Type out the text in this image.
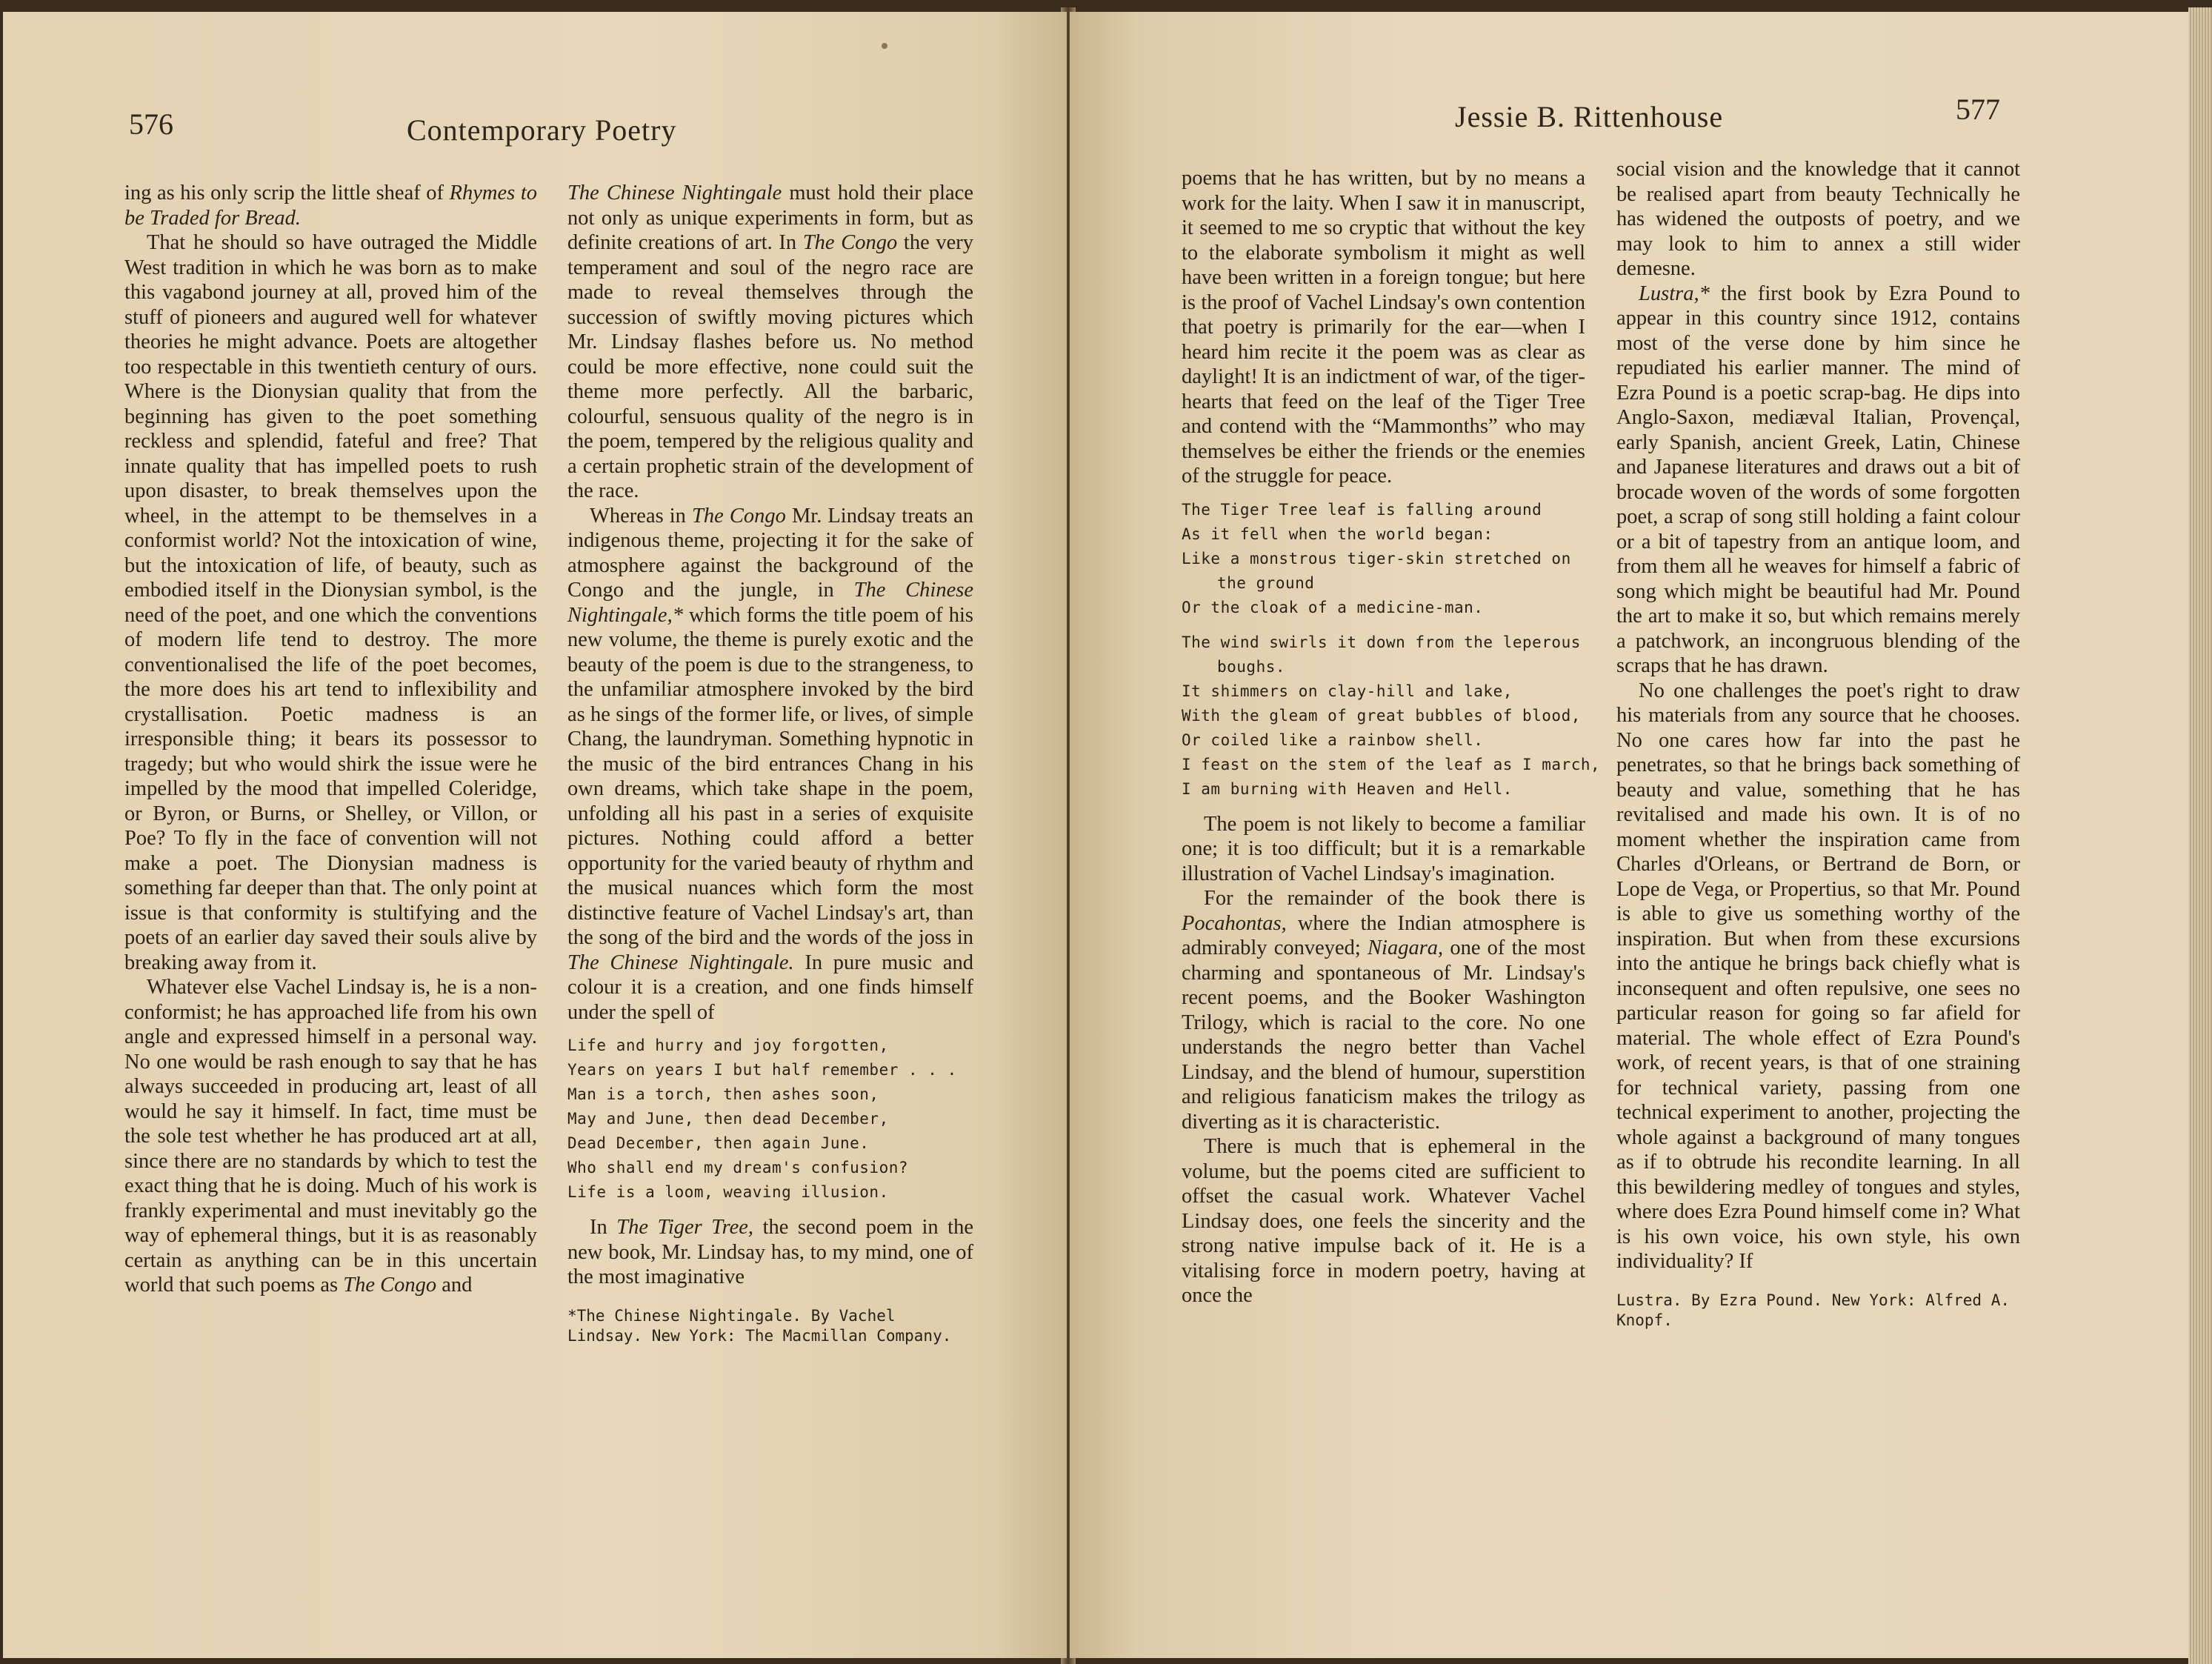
576	Contemporary Poetry

ing as his only scrip the little sheaf of Rhymes to be Traded for Bread.

That he should so have outraged the Middle West tradition in which he was born as to make this vagabond journey at all, proved him of the stuff of pioneers and augured well for whatever theories he might advance. Poets are altogether too respectable in this twentieth century of ours. Where is the Dionysian quality that from the beginning has given to the poet something reckless and splendid, fateful and free? That innate quality that has impelled poets to rush upon disaster, to break themselves upon the wheel, in the attempt to be themselves in a conformist world? Not the intoxication of wine, but the intoxication of life, of beauty, such as embodied itself in the Dionysian symbol, is the need of the poet, and one which the conventions of modern life tend to destroy. The more conventionalised the life of the poet becomes, the more does his art tend to inflexibility and crystallisation. Poetic madness is an irresponsible thing; it bears its possessor to tragedy; but who would shirk the issue were he impelled by the mood that impelled Coleridge, or Byron, or Burns, or Shelley, or Villon, or Poe? To fly in the face of convention will not make a poet. The Dionysian madness is something far deeper than that. The only point at issue is that conformity is stultifying and the poets of an earlier day saved their souls alive by breaking away from it.

Whatever else Vachel Lindsay is, he is a non-conformist; he has approached life from his own angle and expressed himself in a personal way. No one would be rash enough to say that he has always succeeded in producing art, least of all would he say it himself. In fact, time must be the sole test whether he has produced art at all, since there are no standards by which to test the exact thing that he is doing. Much of his work is frankly experimental and must inevitably go the way of ephemeral things, but it is as reasonably certain as anything can be in this uncertain world that such poems as The Congo and

The Chinese Nightingale must hold their place not only as unique experiments in form, but as definite creations of art. In The Congo the very temperament and soul of the negro race are made to reveal themselves through the succession of swiftly moving pictures which Mr. Lindsay flashes before us. No method could be more effective, none could suit the theme more perfectly. All the barbaric, colourful, sensuous quality of the negro is in the poem, tempered by the religious quality and a certain prophetic strain of the development of the race.

Whereas in The Congo Mr. Lindsay treats an indigenous theme, projecting it for the sake of atmosphere against the background of the Congo and the jungle, in The Chinese Nightingale,* which forms the title poem of his new volume, the theme is purely exotic and the beauty of the poem is due to the strangeness, to the unfamiliar atmosphere invoked by the bird as he sings of the former life, or lives, of simple Chang, the laundryman. Something hypnotic in the music of the bird entrances Chang in his own dreams, which take shape in the poem, unfolding all his past in a series of exquisite pictures. Nothing could afford a better opportunity for the varied beauty of rhythm and the musical nuances which form the most distinctive feature of Vachel Lindsay's art, than the song of the bird and the words of the joss in The Chinese Nightingale. In pure music and colour it is a creation, and one finds himself under the spell of

Life and hurry and joy forgotten,
Years on years I but half remember . . .
Man is a torch, then ashes soon,
May and June, then dead December,
Dead December, then again June.
Who shall end my dream's confusion?
Life is a loom, weaving illusion.

In The Tiger Tree, the second poem in the new book, Mr. Lindsay has, to my mind, one of the most imaginative

*The Chinese Nightingale. By Vachel Lindsay. New York: The Macmillan Company.
Jessie B. Rittenhouse	577

poems that he has written, but by no means a work for the laity. When I saw it in manuscript, it seemed to me so cryptic that without the key to the elaborate symbolism it might as well have been written in a foreign tongue; but here is the proof of Vachel Lindsay's own contention that poetry is primarily for the ear—when I heard him recite it the poem was as clear as daylight! It is an indictment of war, of the tigerhearts that feed on the leaf of the Tiger Tree and contend with the “Mammonths” who may themselves be either the friends or the enemies of the struggle for peace.

The Tiger Tree leaf is falling around
As it fell when the world began:
Like a monstrous tiger-skin stretched on the ground
Or the cloak of a medicine-man.
The wind swirls it down from the leperous boughs.
It shimmers on clay-hill and lake,
With the gleam of great bubbles of blood,
Or coiled like a rainbow shell.
I feast on the stem of the leaf as I march,
I am burning with Heaven and Hell.

The poem is not likely to become a familiar one; it is too difficult; but it is a remarkable illustration of Vachel Lindsay's imagination.

For the remainder of the book there is Pocahontas, where the Indian atmosphere is admirably conveyed; Niagara, one of the most charming and spontaneous of Mr. Lindsay's recent poems, and the Booker Washington Trilogy, which is racial to the core. No one understands the negro better than Vachel Lindsay, and the blend of humour, superstition and religious fanaticism makes the trilogy as diverting as it is characteristic.

There is much that is ephemeral in the volume, but the poems cited are sufficient to offset the casual work. Whatever Vachel Lindsay does, one feels the sincerity and the strong native impulse back of it. He is a vitalising force in modern poetry, having at once the

social vision and the knowledge that it cannot be realised apart from beauty Technically he has widened the outposts of poetry, and we may look to him to annex a still wider demesne.

Lustra,* the first book by Ezra Pound to appear in this country since 1912, contains most of the verse done by him since he repudiated his earlier manner. The mind of Ezra Pound is a poetic scrap-bag. He dips into Anglo-Saxon, mediæval Italian, Provençal, early Spanish, ancient Greek, Latin, Chinese and Japanese literatures and draws out a bit of brocade woven of the words of some forgotten poet, a scrap of song still holding a faint colour or a bit of tapestry from an antique loom, and from them all he weaves for himself a fabric of song which might be beautiful had Mr. Pound the art to make it so, but which remains merely a patchwork, an incongruous blending of the scraps that he has drawn.

No one challenges the poet's right to draw his materials from any source that he chooses. No one cares how far into the past he penetrates, so that he brings back something of beauty and value, something that he has revitalised and made his own. It is of no moment whether the inspiration came from Charles d'Orleans, or Bertrand de Born, or Lope de Vega, or Propertius, so that Mr. Pound is able to give us something worthy of the inspiration. But when from these excursions into the antique he brings back chiefly what is inconsequent and often repulsive, one sees no particular reason for going so far afield for material. The whole effect of Ezra Pound's work, of recent years, is that of one straining for technical variety, passing from one technical experiment to another, projecting the whole against a background of many tongues as if to obtrude his recondite learning. In all this bewildering medley of tongues and styles, where does Ezra Pound himself come in? What is his own voice, his own style, his own individuality? If

Lustra. By Ezra Pound. New York: Alfred A. Knopf.
